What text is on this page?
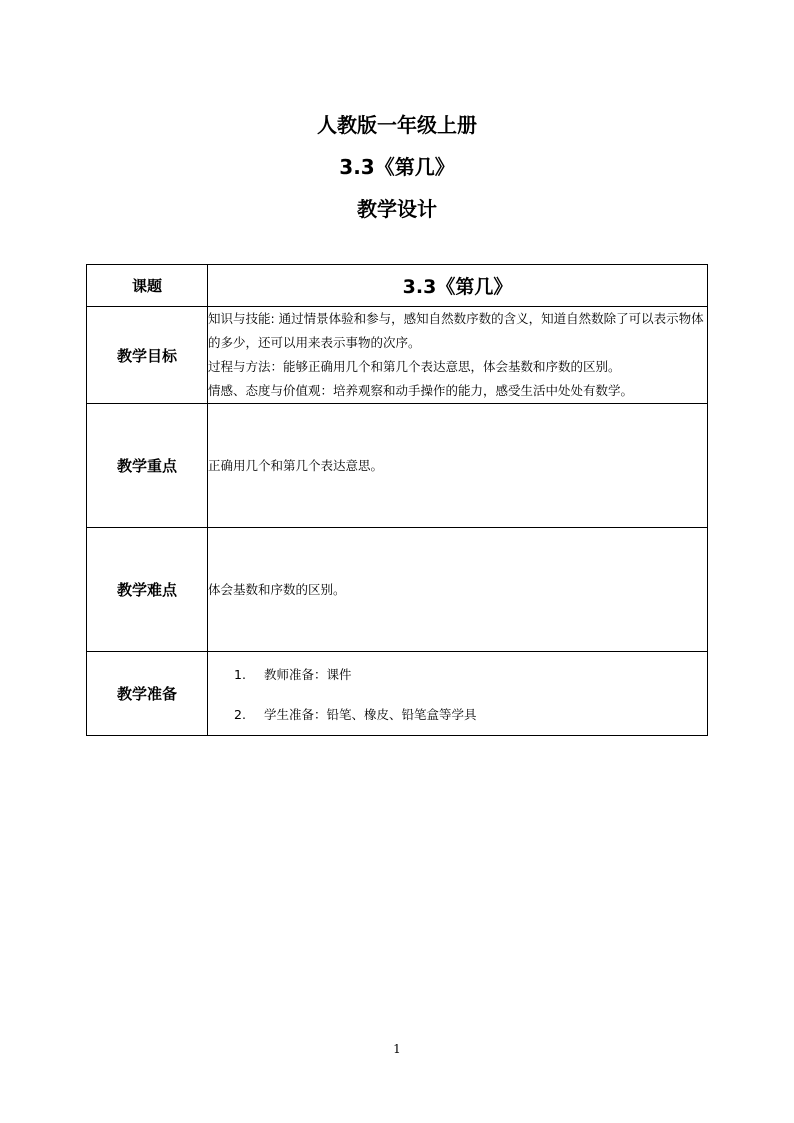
人教版一年级上册
3.3《第几》
教学设计
课题	3.3《第几》
教学目标	知识与技能: 通过情景体验和参与，感知自然数序数的含义，知道自然数除了可以表示物体的多少，还可以用来表示事物的次序。
过程与方法：能够正确用几个和第几个表达意思，体会基数和序数的区别。
情感、态度与价值观：培养观察和动手操作的能力，感受生活中处处有数学。

教学重点	正确用几个和第几个表达意思。
教学难点	体会基数和序数的区别。
教学准备	1. 教师准备：课件
2. 学生准备：铅笔、橡皮、铅笔盒等学具
1
